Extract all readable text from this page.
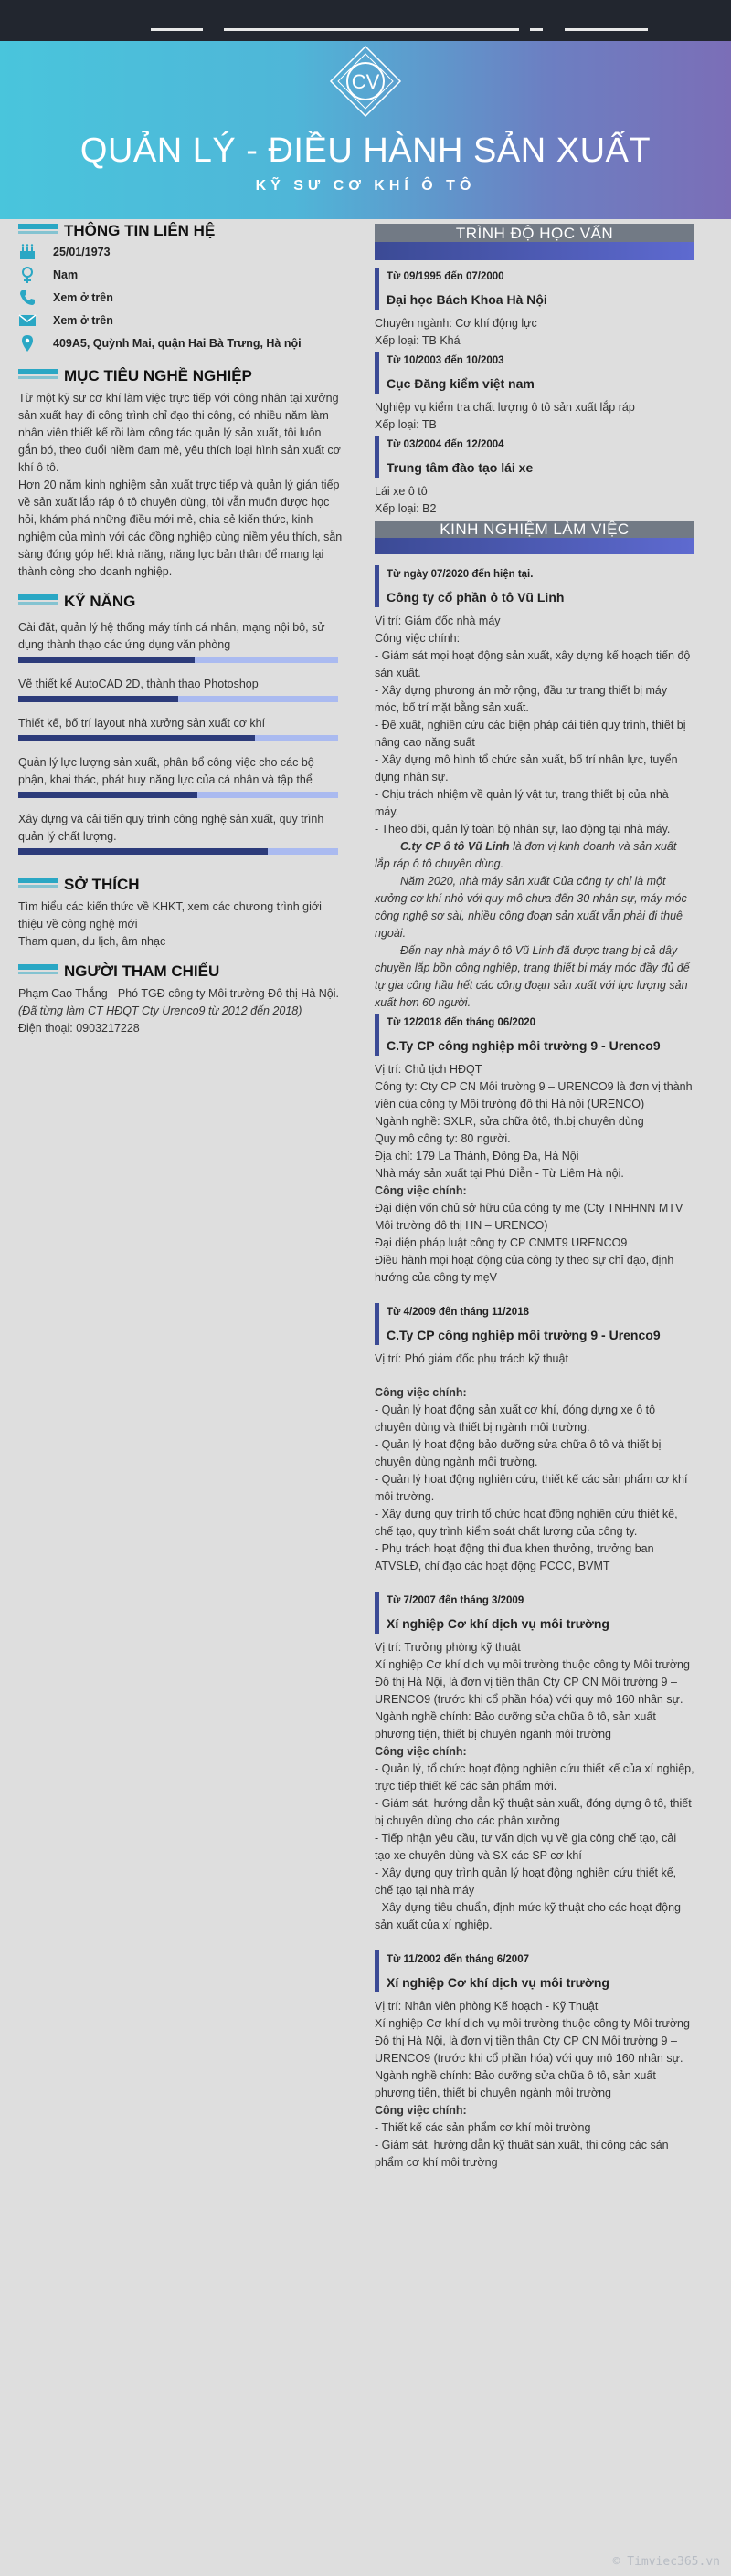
CV
QUẢN LÝ - ĐIỀU HÀNH SẢN XUẤT
KỸ SƯ CƠ KHÍ Ô TÔ
THÔNG TIN LIÊN HỆ
25/01/1973
Nam
Xem ở trên
Xem ở trên
409A5, Quỳnh Mai, quận Hai Bà Trưng, Hà nội
MỤC TIÊU NGHỀ NGHIỆP

Từ một kỹ sư cơ khí làm việc trực tiếp với công nhân tại xưởng sản xuất hay đi công trình chỉ đạo thi công, có nhiều năm làm nhân viên thiết kế rồi làm công tác quản lý sản xuất, tôi luôn gắn bó, theo đuổi niềm đam mê, yêu thích loại hình sản xuất cơ khí ô tô.

Hơn 20 năm kinh nghiệm sản xuất trực tiếp và quản lý gián tiếp về sản xuất lắp ráp ô tô chuyên dùng, tôi vẫn muốn được học hỏi, khám phá những điều mới mẻ, chia sẻ kiến thức, kinh nghiệm của mình với các đồng nghiệp cùng niềm yêu thích, sẵn sàng đóng góp hết khả năng, năng lực bản thân để mang lại thành công cho doanh nghiệp.

KỸ NĂNG
Cài đặt, quản lý hệ thống máy tính cá nhân, mạng nội bộ, sử dụng thành thạo các ứng dụng văn phòng
Vẽ thiết kế AutoCAD 2D, thành thạo Photoshop
Thiết kế, bố trí layout nhà xưởng sản xuất cơ khí
Quản lý lực lượng sản xuất, phân bổ công việc cho các bộ phận, khai thác, phát huy năng lực của cá nhân và tập thể
Xây dựng và cải tiến quy trình công nghệ sản xuất, quy trình quản lý chất lượng.
SỞ THÍCH

Tìm hiểu các kiến thức về KHKT, xem các chương trình giới thiệu về công nghệ mới

Tham quan, du lịch, âm nhạc

NGƯỜI THAM CHIẾU

Phạm Cao Thắng - Phó TGĐ công ty Môi trường Đô thị Hà Nội. (Đã từng làm CT HĐQT Cty Urenco9 từ 2012 đến 2018)

Điện thoại: 0903217228

TRÌNH ĐỘ HỌC VẤN
Từ 09/1995 đến 07/2000
Đại học Bách Khoa Hà Nội

Chuyên ngành: Cơ khí động lực

Xếp loại: TB Khá

Từ 10/2003 đến 10/2003
Cục Đăng kiểm việt nam

Nghiệp vụ kiểm tra chất lượng ô tô sản xuất lắp ráp

Xếp loại: TB

Từ 03/2004 đến 12/2004
Trung tâm đào tạo lái xe

Lái xe ô tô

Xếp loại: B2

KINH NGHIỆM LÀM VIỆC
Từ ngày 07/2020 đến hiện tại.
Công ty cổ phần ô tô Vũ Linh

Vị trí: Giám đốc nhà máy

Công việc chính:

- Giám sát mọi hoạt động sản xuất, xây dựng kế hoạch tiến độ sản xuất.

- Xây dựng phương án mở rộng, đầu tư trang thiết bị máy móc, bố trí mặt bằng sản xuất.

- Đề xuất, nghiên cứu các biện pháp cải tiến quy trình, thiết bị nâng cao năng suất

- Xây dựng mô hình tổ chức sản xuất, bố trí nhân lực, tuyển dụng nhân sự.

- Chịu trách nhiệm về quản lý vật tư, trang thiết bị của nhà máy.

- Theo dõi, quản lý toàn bộ nhân sự, lao động tại nhà máy.

C.ty CP ô tô Vũ Linh là đơn vị kinh doanh và sản xuất lắp ráp ô tô chuyên dùng.

Năm 2020, nhà máy sản xuất Của công ty chỉ là một xưởng cơ khí nhỏ với quy mô chưa đến 30 nhân sự, máy móc công nghệ sơ sài, nhiều công đoạn sản xuất vẫn phải đi thuê ngoài.

Đến nay nhà máy ô tô Vũ Linh đã được trang bị cả dây chuyền lắp bồn công nghiệp, trang thiết bị máy móc đầy đủ để tự gia công hầu hết các công đoạn sản xuất với lực lượng sản xuất hơn 60 người.

Từ 12/2018 đến tháng 06/2020
C.Ty CP công nghiệp môi trường 9 - Urenco9

Vị trí: Chủ tịch HĐQT

Công ty: Cty CP CN Môi trường 9 – URENCO9 là đơn vị thành viên của công ty Môi trường đô thị Hà nội (URENCO)

Ngành nghề: SXLR, sửa chữa ôtô, th.bị chuyên dùng

Quy mô công ty: 80 người.

Địa chỉ: 179 La Thành, Đống Đa, Hà Nội

Nhà máy sản xuất tại Phú Diễn - Từ Liêm Hà nội.

Công việc chính:

Đại diện vốn chủ sở hữu của công ty mẹ (Cty TNHHNN MTV Môi trường đô thị HN – URENCO)

Đại diện pháp luật công ty CP CNMT9 URENCO9

Điều hành mọi hoạt động của công ty theo sự chỉ đạo, định hướng của công ty mẹV

Từ 4/2009 đến tháng 11/2018
C.Ty CP công nghiệp môi trường 9 - Urenco9

Vị trí: Phó giám đốc phụ trách kỹ thuật

Công việc chính:

- Quản lý hoạt động sản xuất cơ khí, đóng dựng xe ô tô chuyên dùng và thiết bị ngành môi trường.

- Quản lý hoạt động bảo dưỡng sửa chữa ô tô và thiết bị chuyên dùng ngành môi trường.

- Quản lý hoạt động nghiên cứu, thiết kế các sản phẩm cơ khí môi trường.

- Xây dựng quy trình tổ chức hoạt động nghiên cứu thiết kế, chế tạo, quy trình kiểm soát chất lượng của công ty.

- Phụ trách hoạt động thi đua khen thưởng, trưởng ban ATVSLĐ, chỉ đạo các hoạt động PCCC, BVMT

Từ 7/2007 đến tháng 3/2009
Xí nghiệp Cơ khí dịch vụ môi trường

Vị trí: Trưởng phòng kỹ thuật

Xí nghiệp Cơ khí dịch vụ môi trường thuộc công ty Môi trường Đô thị Hà Nội, là đơn vị tiền thân Cty CP CN Môi trường 9 – URENCO9 (trước khi cổ phần hóa) với quy mô 160 nhân sự.

Ngành nghề chính: Bảo dưỡng sửa chữa ô tô, sản xuất phương tiện, thiết bị chuyên ngành môi trường

Công việc chính:

- Quản lý, tổ chức hoạt động nghiên cứu thiết kế của xí nghiệp, trực tiếp thiết kế các sản phẩm mới.

- Giám sát, hướng dẫn kỹ thuật sản xuất, đóng dựng ô tô, thiết bị chuyên dùng cho các phân xưởng

- Tiếp nhận yêu cầu, tư vấn dịch vụ về gia công chế tạo, cải tạo xe chuyên dùng và SX các SP cơ khí

- Xây dựng quy trình quản lý hoạt động nghiên cứu thiết kế, chế tạo tại nhà máy

- Xây dựng tiêu chuẩn, định mức kỹ thuật cho các hoạt động sản xuất của xí nghiệp.

Từ 11/2002 đến tháng 6/2007
Xí nghiệp Cơ khí dịch vụ môi trường

Vị trí: Nhân viên phòng Kế hoạch - Kỹ Thuật

Xí nghiệp Cơ khí dịch vụ môi trường thuộc công ty Môi trường Đô thị Hà Nội, là đơn vị tiền thân Cty CP CN Môi trường 9 – URENCO9 (trước khi cổ phần hóa) với quy mô 160 nhân sự.

Ngành nghề chính: Bảo dưỡng sửa chữa ô tô, sản xuất phương tiện, thiết bị chuyên ngành môi trường

Công việc chính:

- Thiết kế các sản phẩm cơ khí môi trường

- Giám sát, hướng dẫn kỹ thuật sản xuất, thi công các sản phẩm cơ khí môi trường

© Timviec365.vn
